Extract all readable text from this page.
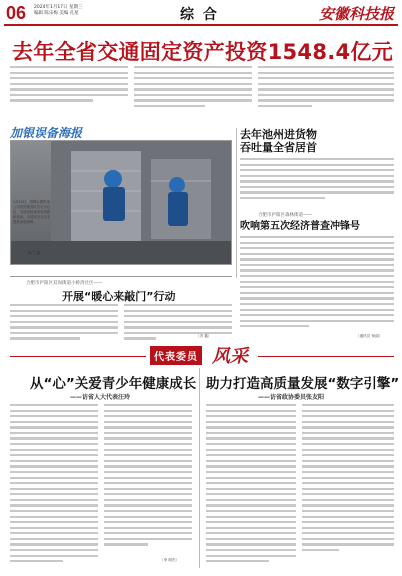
06 2024年1月17日 星期三
编辑 陈乐梅 美编 孔星	综 合	安徽科技报
去年全省交通固定资产投资1548.4亿元
加银误备海报
1月15日，国网合肥供电公司党员服务队员走访社区，为居民检查用电线路和设备，为居民安全过冬提供用电保障。
陈 兰 摄
去年池州进货物
吞吐量全省居首
合肥市庐阳区森林街道——
吹响第五次经济普查冲锋号
（通讯员 杨丽）
合肥市庐阳区双岗街道小桥湾社区——
开展“暖心来敲门”行动
（冯 鑫）
代表委员 风采
从“心”关爱青少年健康成长
——访省人大代表汪玲
（李 明杰）
助力打造高质量发展“数字引擎”
——访省政协委员张友阳
